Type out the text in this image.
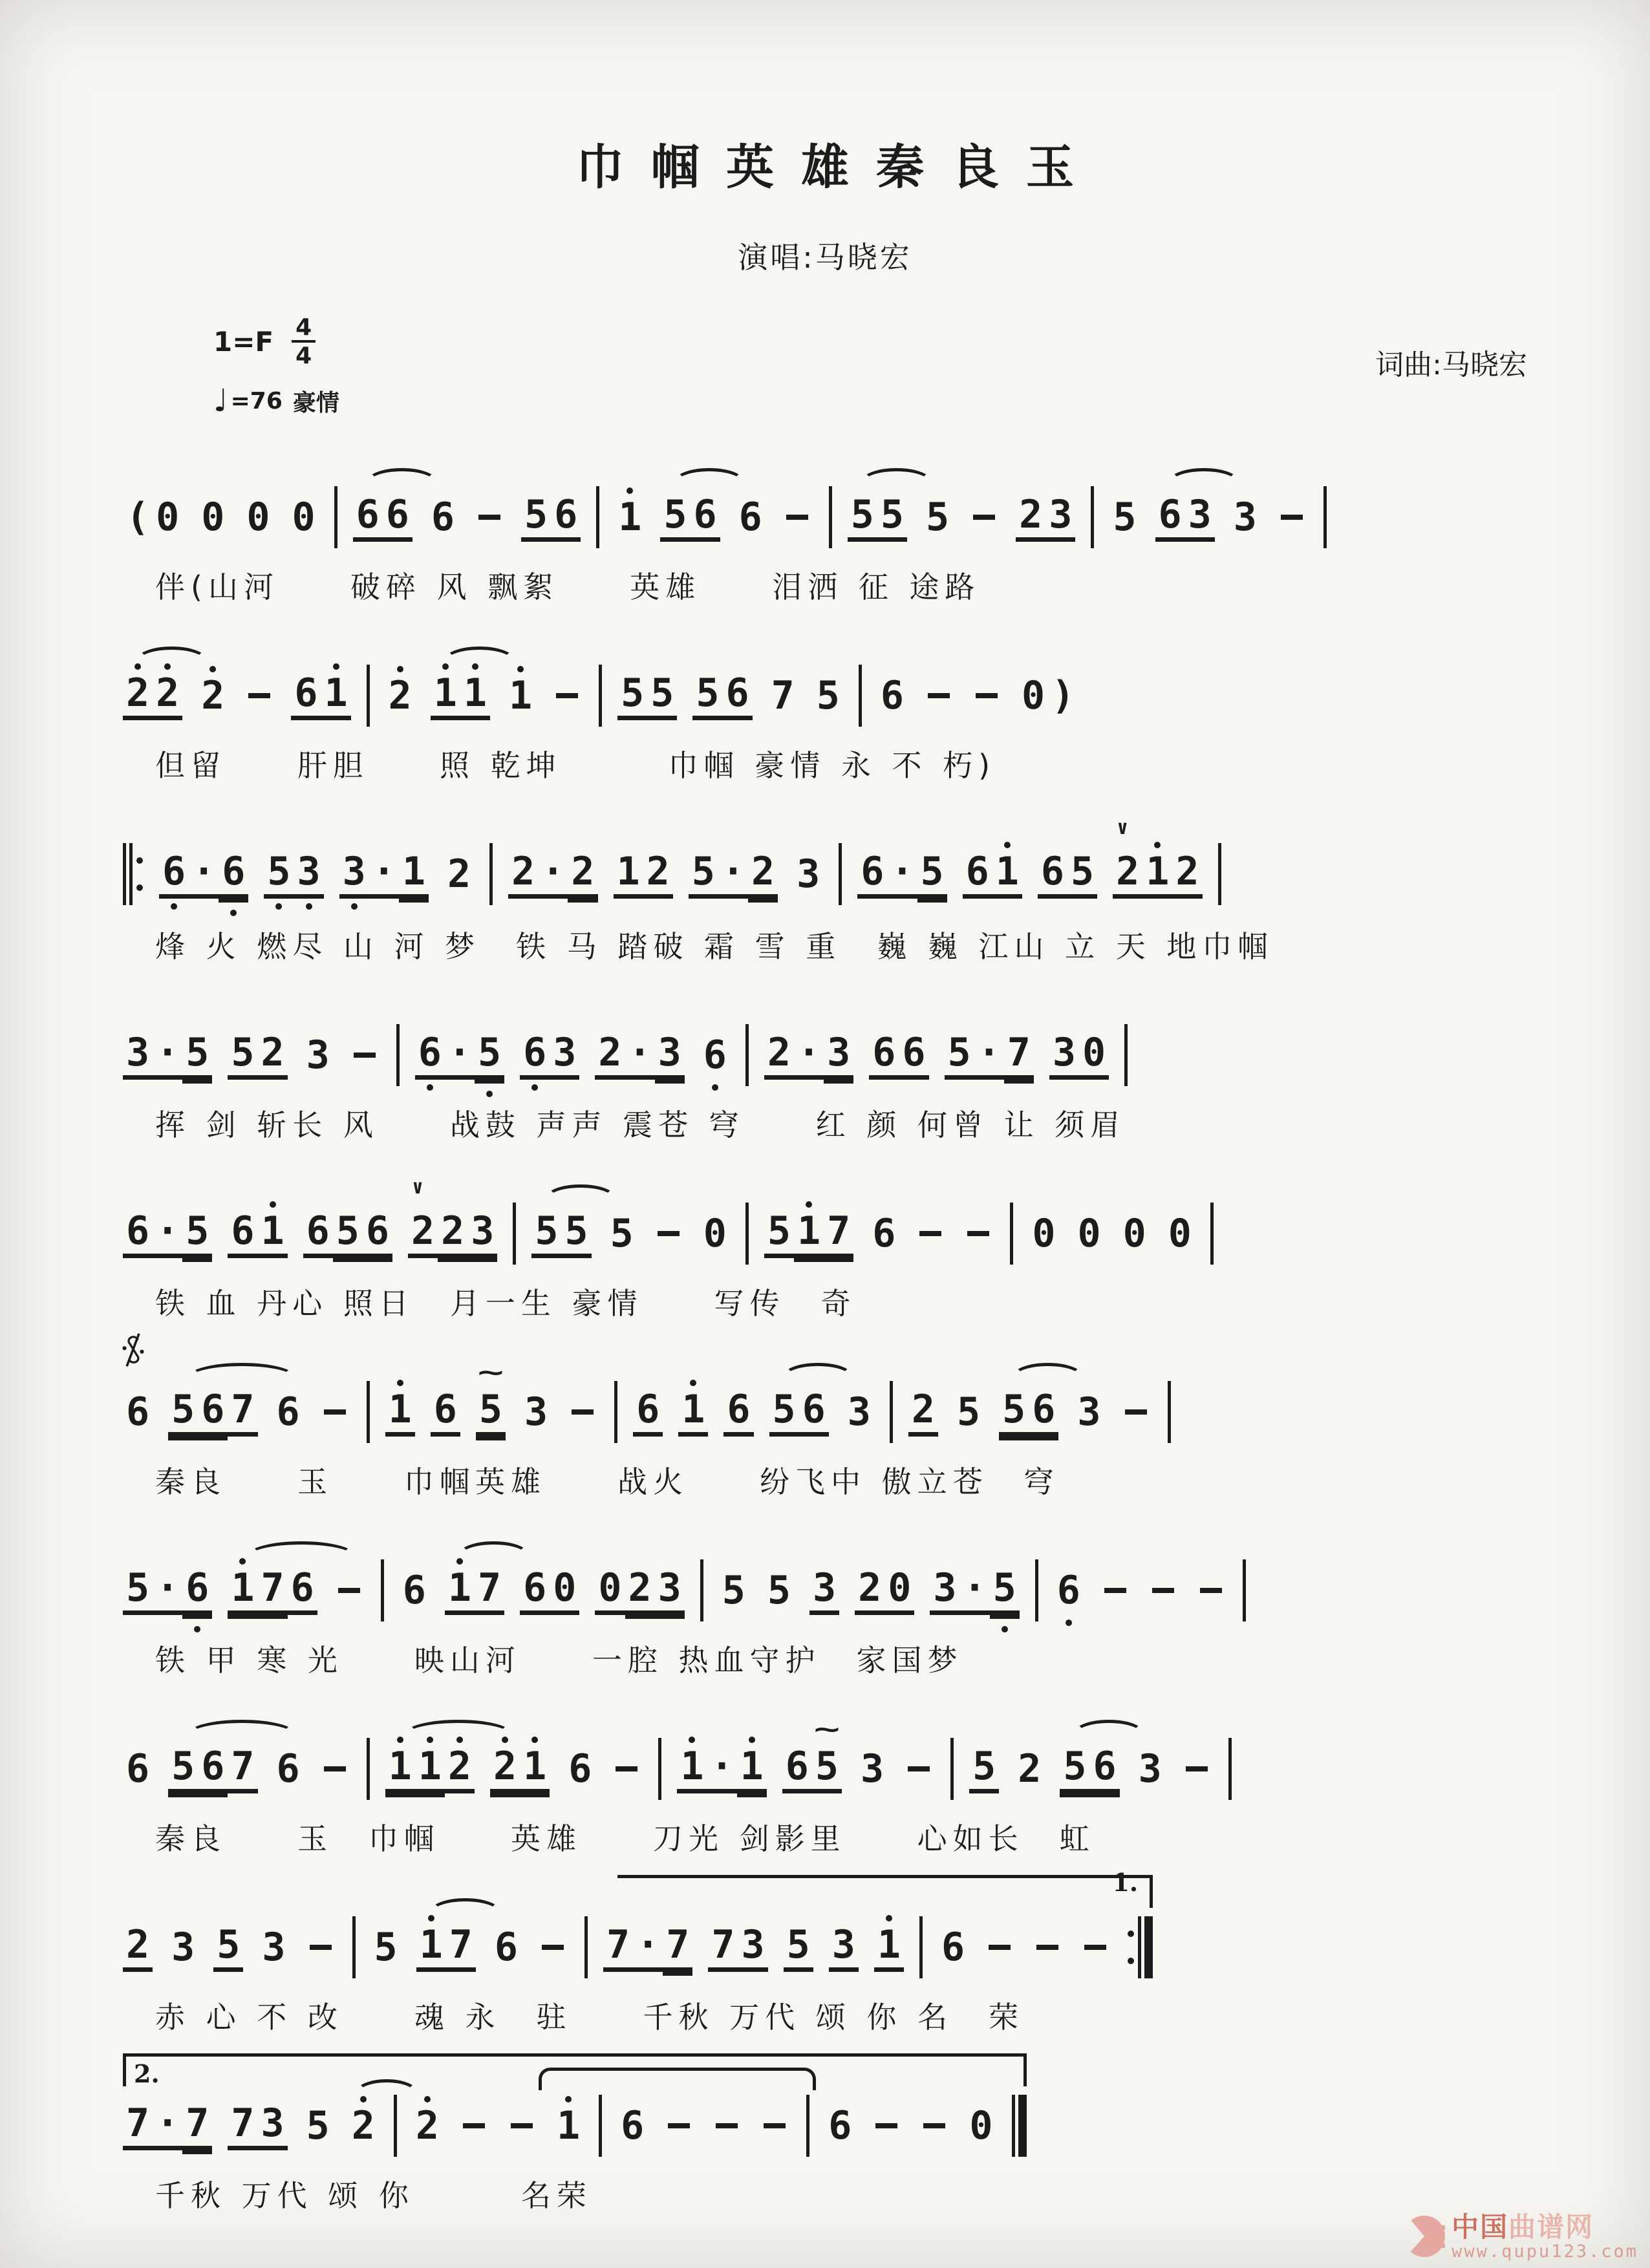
巾帼英雄秦良玉
演唱:马晓宏
$1=F \frac{4}{4}$
♩ =76 豪情
词曲:马晓宏
( 0 0 0 0 6 6 6 5 6 1 5 6 6 5 5 5 2 3 5 6 3 3
伴(山河　　破碎 风 飘絮　　英雄　　泪洒 征 途路
2 2 2 6 1 2 1 1 1 5 5 5 6 7 5 6	0 )
但留　　肝胆　　照 乾坤　　　巾帼 豪情 永 不 朽)
6 · 6 5 3 3 · 1 2 2 · 2 1 2 5 · 2 3 6 · 5 6 1 6 5 2
∨
1 2
烽 火 燃尽 山 河 梦　铁 马 踏破 霜 雪 重　巍 巍 江山 立 天 地巾帼
3 · 5 5 2 3 6 · 5 6 3 2 · 3 6 2 · 3 6 6 5 · 7 3 0
挥 剑 斩长 风　　战鼓 声声 震苍 穹　　红 颜 何曾 让 须眉
6 · 5 6 1 6 5 6 2
∨
2 3 5 5 5 0 5 1 7 6	0 0 0 0
铁 血 丹心 照日　月一生 豪情　　写传　奇
6 5 6 7 6 1 6 5
~
3 6 1 6 5 6 3 2 5 5 6 3
秦良　　玉　　巾帼英雄　　战火　　纷飞中 傲立苍　穹
5 · 6 1 7 6 6 1 7 6 0 0 2 3 5 5 3 2 0 3 · 5 6
铁 甲 寒 光　　映山河　　一腔 热血守护　家国梦
6 5 6 7 6 1 1 2 2 1 6 1 · 1 6 5
~
3 5 2 5 6 3
秦良　　玉　巾帼　　英雄　　刀光 剑影里　　心如长　虹
2 3 5 3 5 1 7 6 7 · 7 7 3 5 3 1 6
1.
赤 心 不 改　　魂 永　驻　　千秋 万代 颂 你 名　荣
7 · 7 7 3 5 2 2	1 6	6	0
2.
千秋 万代 颂 你　　　名荣
中国曲谱网
www.qupu123.com
